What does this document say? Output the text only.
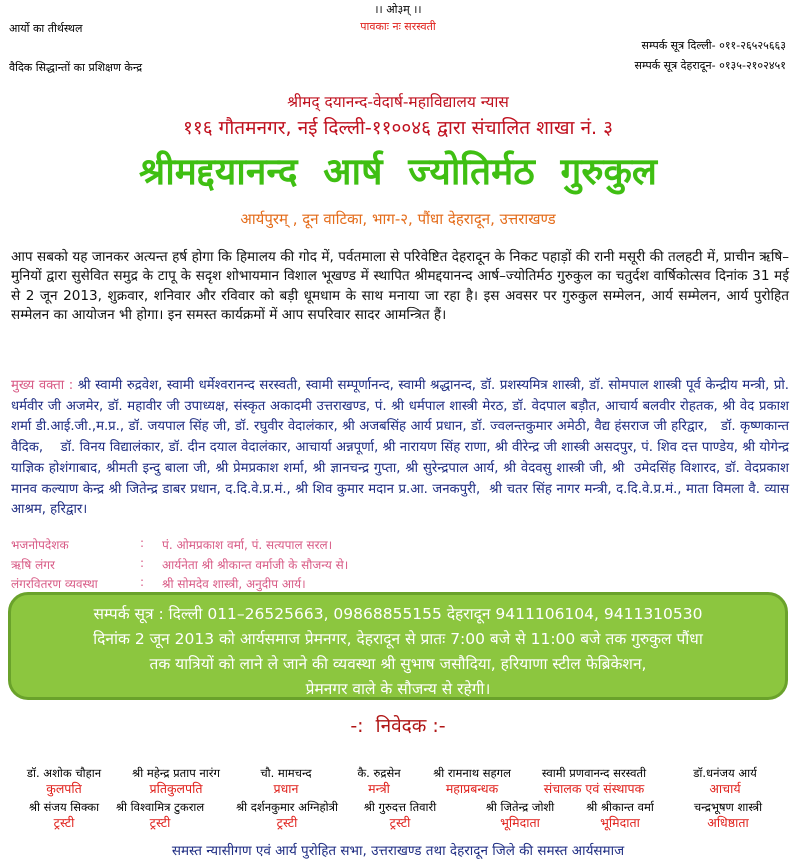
।। ओ३म् ।।
पावकाः नः सरस्वती
आर्यो का तीर्थस्थल
वैदिक सिद्धान्तों का प्रशिक्षण केन्द्र
सम्पर्क सूत्र दिल्ली- ०११-२६५२५६६३
सम्पर्क सूत्र देहरादून- ०१३५-२१०२४५१
श्रीमद् दयानन्द-वेदार्ष-महाविद्यालय न्यास
११६ गौतमनगर, नई दिल्ली-११००४६ द्वारा संचालित शाखा नं. ३
श्रीमद्दयानन्द  आर्ष  ज्योतिर्मठ  गुरुकुल
आर्यपुरम् , दून वाटिका, भाग-२, पौंधा देहरादून, उत्तराखण्ड
आप सबको यह जानकर अत्यन्त हर्ष होगा कि हिमालय की गोद में, पर्वतमाला से परिवेष्टित देहरादून के निकट पहाड़ों की रानी मसूरी की तलहटी में, प्राचीन ऋषि–मुनियों द्वारा सुसेवित समुद्र के टापू के सदृश शोभायमान विशाल भूखण्ड में स्थापित श्रीमद्दयानन्द आर्ष–ज्योतिर्मठ गुरुकुल का चतुर्दश वार्षिकोत्सव दिनांक 31 मई से 2 जून 2013, शुक्रवार, शनिवार और रविवार को बड़ी धूमधाम के साथ मनाया जा रहा है। इस अवसर पर गुरुकुल सम्मेलन, आर्य सम्मेलन, आर्य पुरोहित सम्मेलन का आयोजन भी होगा। इन समस्त कार्यक्रमों में आप सपरिवार सादर आमन्त्रित हैं।
मुख्य वक्ता : श्री स्वामी रुद्रवेश, स्वामी धर्मेश्वरानन्द सरस्वती, स्वामी सम्पूर्णानन्द, स्वामी श्रद्धानन्द, डॉ. प्रशस्यमित्र शास्त्री, डॉ. सोमपाल शास्त्री पूर्व केन्द्रीय मन्त्री, प्रो. धर्मवीर जी अजमेर, डॉ. महावीर जी उपाध्यक्ष, संस्कृत अकादमी उत्तराखण्ड, पं. श्री धर्मपाल शास्त्री मेरठ, डॉ. वेदपाल बड़ौत, आचार्य बलवीर रोहतक, श्री वेद प्रकाश शर्मा डी.आई.जी.,म.प्र., डॉ. जयपाल सिंह जी, डॉ. रघुवीर वेदालंकार, श्री अजबसिंह आर्य प्रधान, डॉ. ज्वलन्तकुमार अमेठी, वैद्य हंसराज जी हरिद्वार,   डॉ. कृष्णकान्त वैदिक,    डॉ. विनय विद्यालंकार, डॉ. दीन दयाल वेदालंकार, आचार्या अन्नपूर्णा, श्री नारायण सिंह राणा, श्री वीरेन्द्र जी शास्त्री असदपुर, पं. शिव दत्त पाण्डेय, श्री योगेन्द्र याज्ञिक होशंगाबाद, श्रीमती इन्दु बाला जी, श्री प्रेमप्रकाश शर्मा, श्री ज्ञानचन्द्र गुप्ता, श्री सुरेन्द्रपाल आर्य, श्री वेदवसु शास्त्री जी, श्री  उमेदसिंह विशारद, डॉ. वेदप्रकाश मानव कल्याण केन्द्र श्री जितेन्द्र डाबर प्रधान, द.दि.वे.प्र.मं., श्री शिव कुमार मदान प्र.आ. जनकपुरी,  श्री चतर सिंह नागर मन्त्री, द.दि.वे.प्र.मं., माता विमला वै. व्यास आश्रम, हरिद्वार।
भजनोपदेशक	: पं. ओमप्रकाश वर्मा, पं. सत्यपाल सरल।
ऋषि लंगर	: आर्यनेता श्री श्रीकान्त वर्माजी के सौजन्य से।
लंगरवितरण व्यवस्था	: श्री सोमदेव शास्त्री, अनुदीप आर्य।
सम्पर्क सूत्र : दिल्ली 011–26525663, 09868855155 देहरादून 9411106104, 9411310530
दिनांक 2 जून 2013 को आर्यसमाज प्रेमनगर, देहरादून से प्रातः 7:00 बजे से 11:00 बजे तक गुरुकुल पौंधा
तक यात्रियों को लाने ले जाने की व्यवस्था श्री सुभाष जसौदिया, हरियाणा स्टील फेब्रिकेशन,
प्रेमनगर वाले के सौजन्य से रहेगी।
-:  निवेदक :-
डॉ. अशोक चौहान
कुलपति
श्री महेन्द्र प्रताप नारंग
प्रतिकुलपति
चौ. मामचन्द
प्रधान
कै. रुद्रसेन
मन्त्री
श्री रामनाथ सहगल
महाप्रबन्धक
स्वामी प्रणवानन्द सरस्वती
संचालक एवं संस्थापक
डॉ.धनंजय आर्य
आचार्य
श्री संजय सिक्का
ट्रस्टी
श्री विश्वामित्र टुकराल
ट्रस्टी
श्री दर्शनकुमार अग्निहोत्री
ट्रस्टी
श्री गुरुदत्त तिवारी
ट्रस्टी
श्री जितेन्द्र जोशी
भूमिदाता
श्री श्रीकान्त वर्मा
भूमिदाता
चन्द्रभूषण शास्त्री
अधिष्ठाता
समस्त न्यासीगण एवं आर्य पुरोहित सभा, उत्तराखण्ड तथा देहरादून जिले की समस्त आर्यसमाज
